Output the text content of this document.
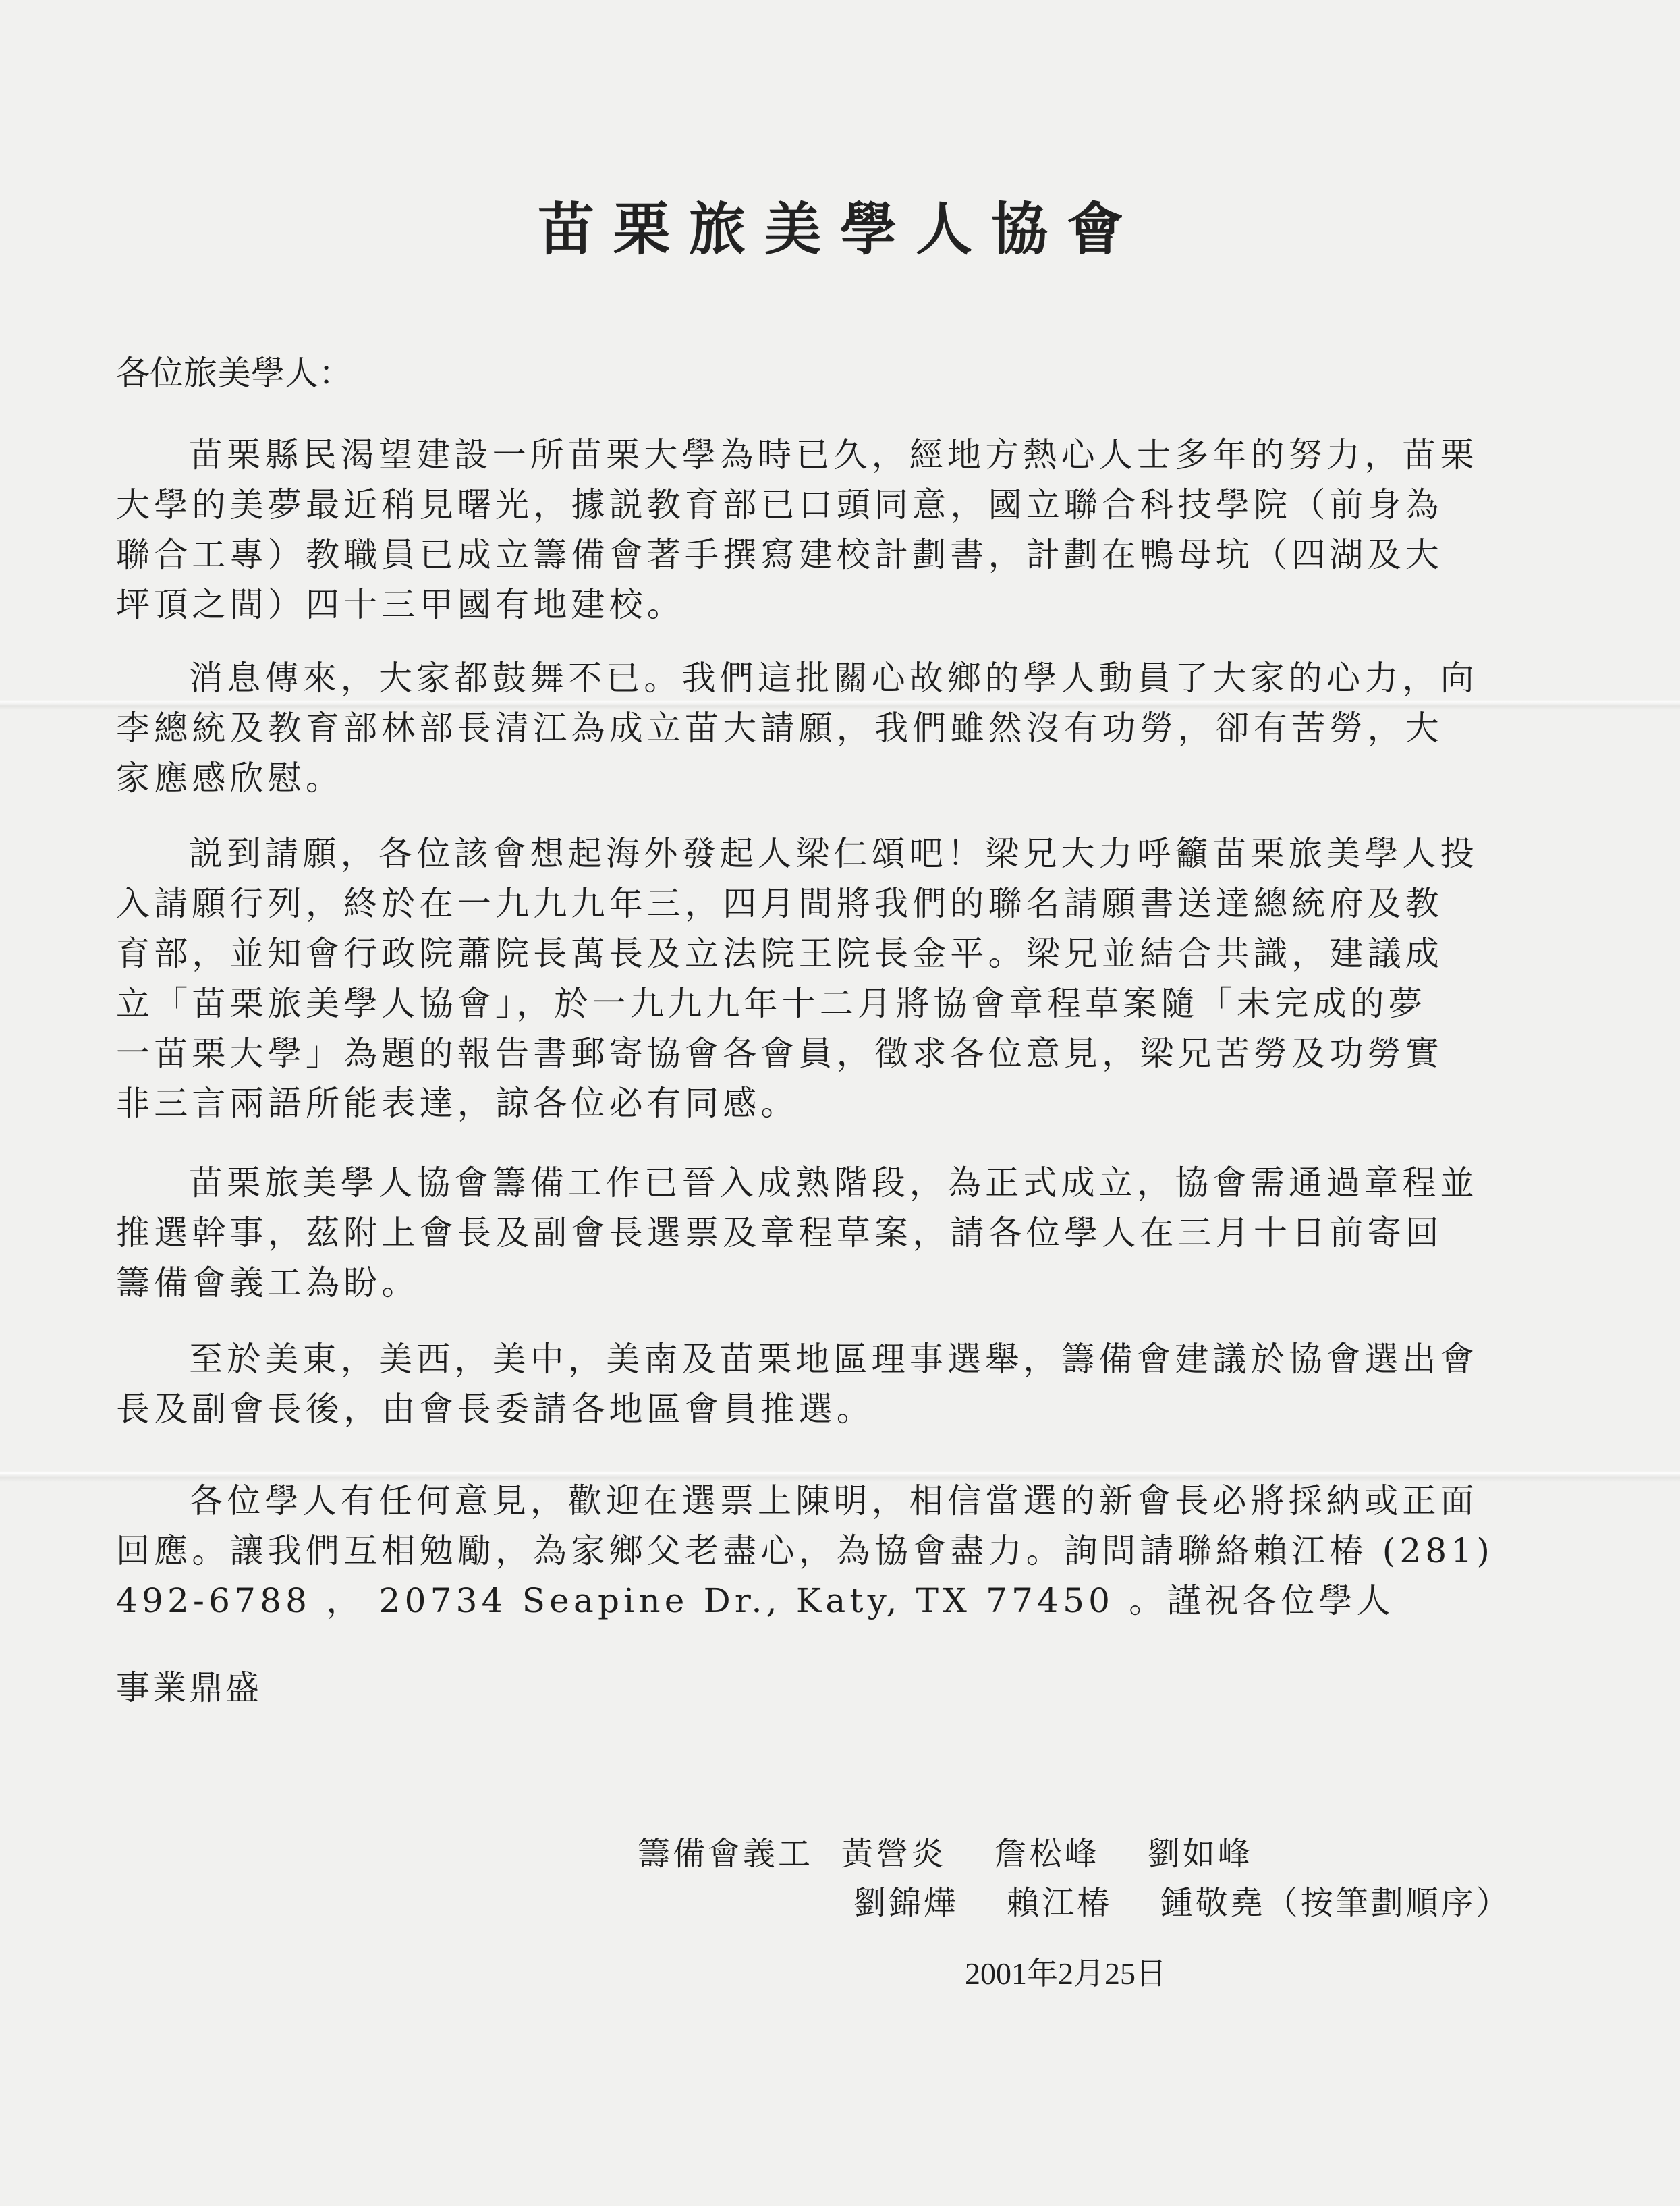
苗栗旅美學人協會
各位旅美學人：
苗栗縣民渴望建設一所苗栗大學為時已久，經地方熱心人士多年的努力，苗栗
大學的美夢最近稍見曙光，據説教育部已口頭同意，國立聯合科技學院（前身為
聯合工專）教職員已成立籌備會著手撰寫建校計劃書，計劃在鴨母坑（四湖及大
坪頂之間）四十三甲國有地建校。
消息傳來，大家都鼓舞不已。我們這批關心故鄉的學人動員了大家的心力，向
李總統及教育部林部長清江為成立苗大請願，我們雖然沒有功勞，卻有苦勞，大
家應感欣慰。
説到請願，各位該會想起海外發起人梁仁頌吧！梁兄大力呼籲苗栗旅美學人投
入請願行列，終於在一九九九年三，四月間將我們的聯名請願書送達總統府及教
育部，並知會行政院蕭院長萬長及立法院王院長金平。梁兄並結合共識，建議成
立「苗栗旅美學人協會」，於一九九九年十二月將協會章程草案隨「未完成的夢
一苗栗大學」為題的報告書郵寄協會各會員，徵求各位意見，梁兄苦勞及功勞實
非三言兩語所能表達，諒各位必有同感。
苗栗旅美學人協會籌備工作已晉入成熟階段，為正式成立，協會需通過章程並
推選幹事，茲附上會長及副會長選票及章程草案，請各位學人在三月十日前寄回
籌備會義工為盼。
至於美東，美西，美中，美南及苗栗地區理事選舉，籌備會建議於協會選出會
長及副會長後，由會長委請各地區會員推選。
各位學人有任何意見，歡迎在選票上陳明，相信當選的新會長必將採納或正面
回應。讓我們互相勉勵，為家鄉父老盡心，為協會盡力。詢問請聯絡賴江椿 (281)
492-6788 ， 20734 Seapine Dr., Katy, TX 77450 。謹祝各位學人
事業鼎盛
籌備會義工 黃營炎 詹松峰 劉如峰
劉錦燁 賴江椿 鍾敬堯（按筆劃順序）
2001年2月25日
